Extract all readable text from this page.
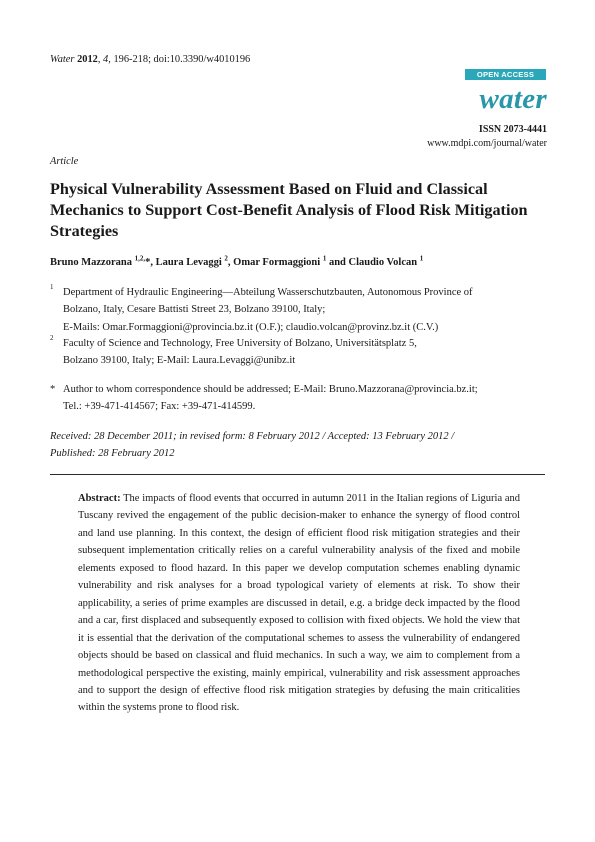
Water 2012, 4, 196-218; doi:10.3390/w4010196
OPEN ACCESS
water
ISSN 2073-4441
www.mdpi.com/journal/water
Article
Physical Vulnerability Assessment Based on Fluid and Classical Mechanics to Support Cost-Benefit Analysis of Flood Risk Mitigation Strategies
Bruno Mazzorana $^{1,2,}$*, Laura Levaggi $^2$, Omar Formaggioni $^1$ and Claudio Volcan $^1$
1 Department of Hydraulic Engineering—Abteilung Wasserschutzbauten, Autonomous Province of
Bolzano, Italy, Cesare Battisti Street 23, Bolzano 39100, Italy;
E-Mails: Omar.Formaggioni@provincia.bz.it (O.F.); claudio.volcan@provinz.bz.it (C.V.)
2 Faculty of Science and Technology, Free University of Bolzano, Universitätsplatz 5,
Bolzano 39100, Italy; E-Mail: Laura.Levaggi@unibz.it
* Author to whom correspondence should be addressed; E-Mail: Bruno.Mazzorana@provincia.bz.it;
Tel.: +39-471-414567; Fax: +39-471-414599.
Received: 28 December 2011; in revised form: 8 February 2012 / Accepted: 13 February 2012 /
Published: 28 February 2012
Abstract: The impacts of flood events that occurred in autumn 2011 in the Italian regions of Liguria and Tuscany revived the engagement of the public decision-maker to enhance the synergy of flood control and land use planning. In this context, the design of efficient flood risk mitigation strategies and their subsequent implementation critically relies on a careful vulnerability analysis of the fixed and mobile elements exposed to flood hazard. In this paper we develop computation schemes enabling dynamic vulnerability and risk analyses for a broad typological variety of elements at risk. To show their applicability, a series of prime examples are discussed in detail, e.g. a bridge deck impacted by the flood and a car, first displaced and subsequently exposed to collision with fixed objects. We hold the view that it is essential that the derivation of the computational schemes to assess the vulnerability of endangered objects should be based on classical and fluid mechanics. In such a way, we aim to complement from a methodological perspective the existing, mainly empirical, vulnerability and risk assessment approaches and to support the design of effective flood risk mitigation strategies by defusing the main criticalities within the systems prone to flood risk.
